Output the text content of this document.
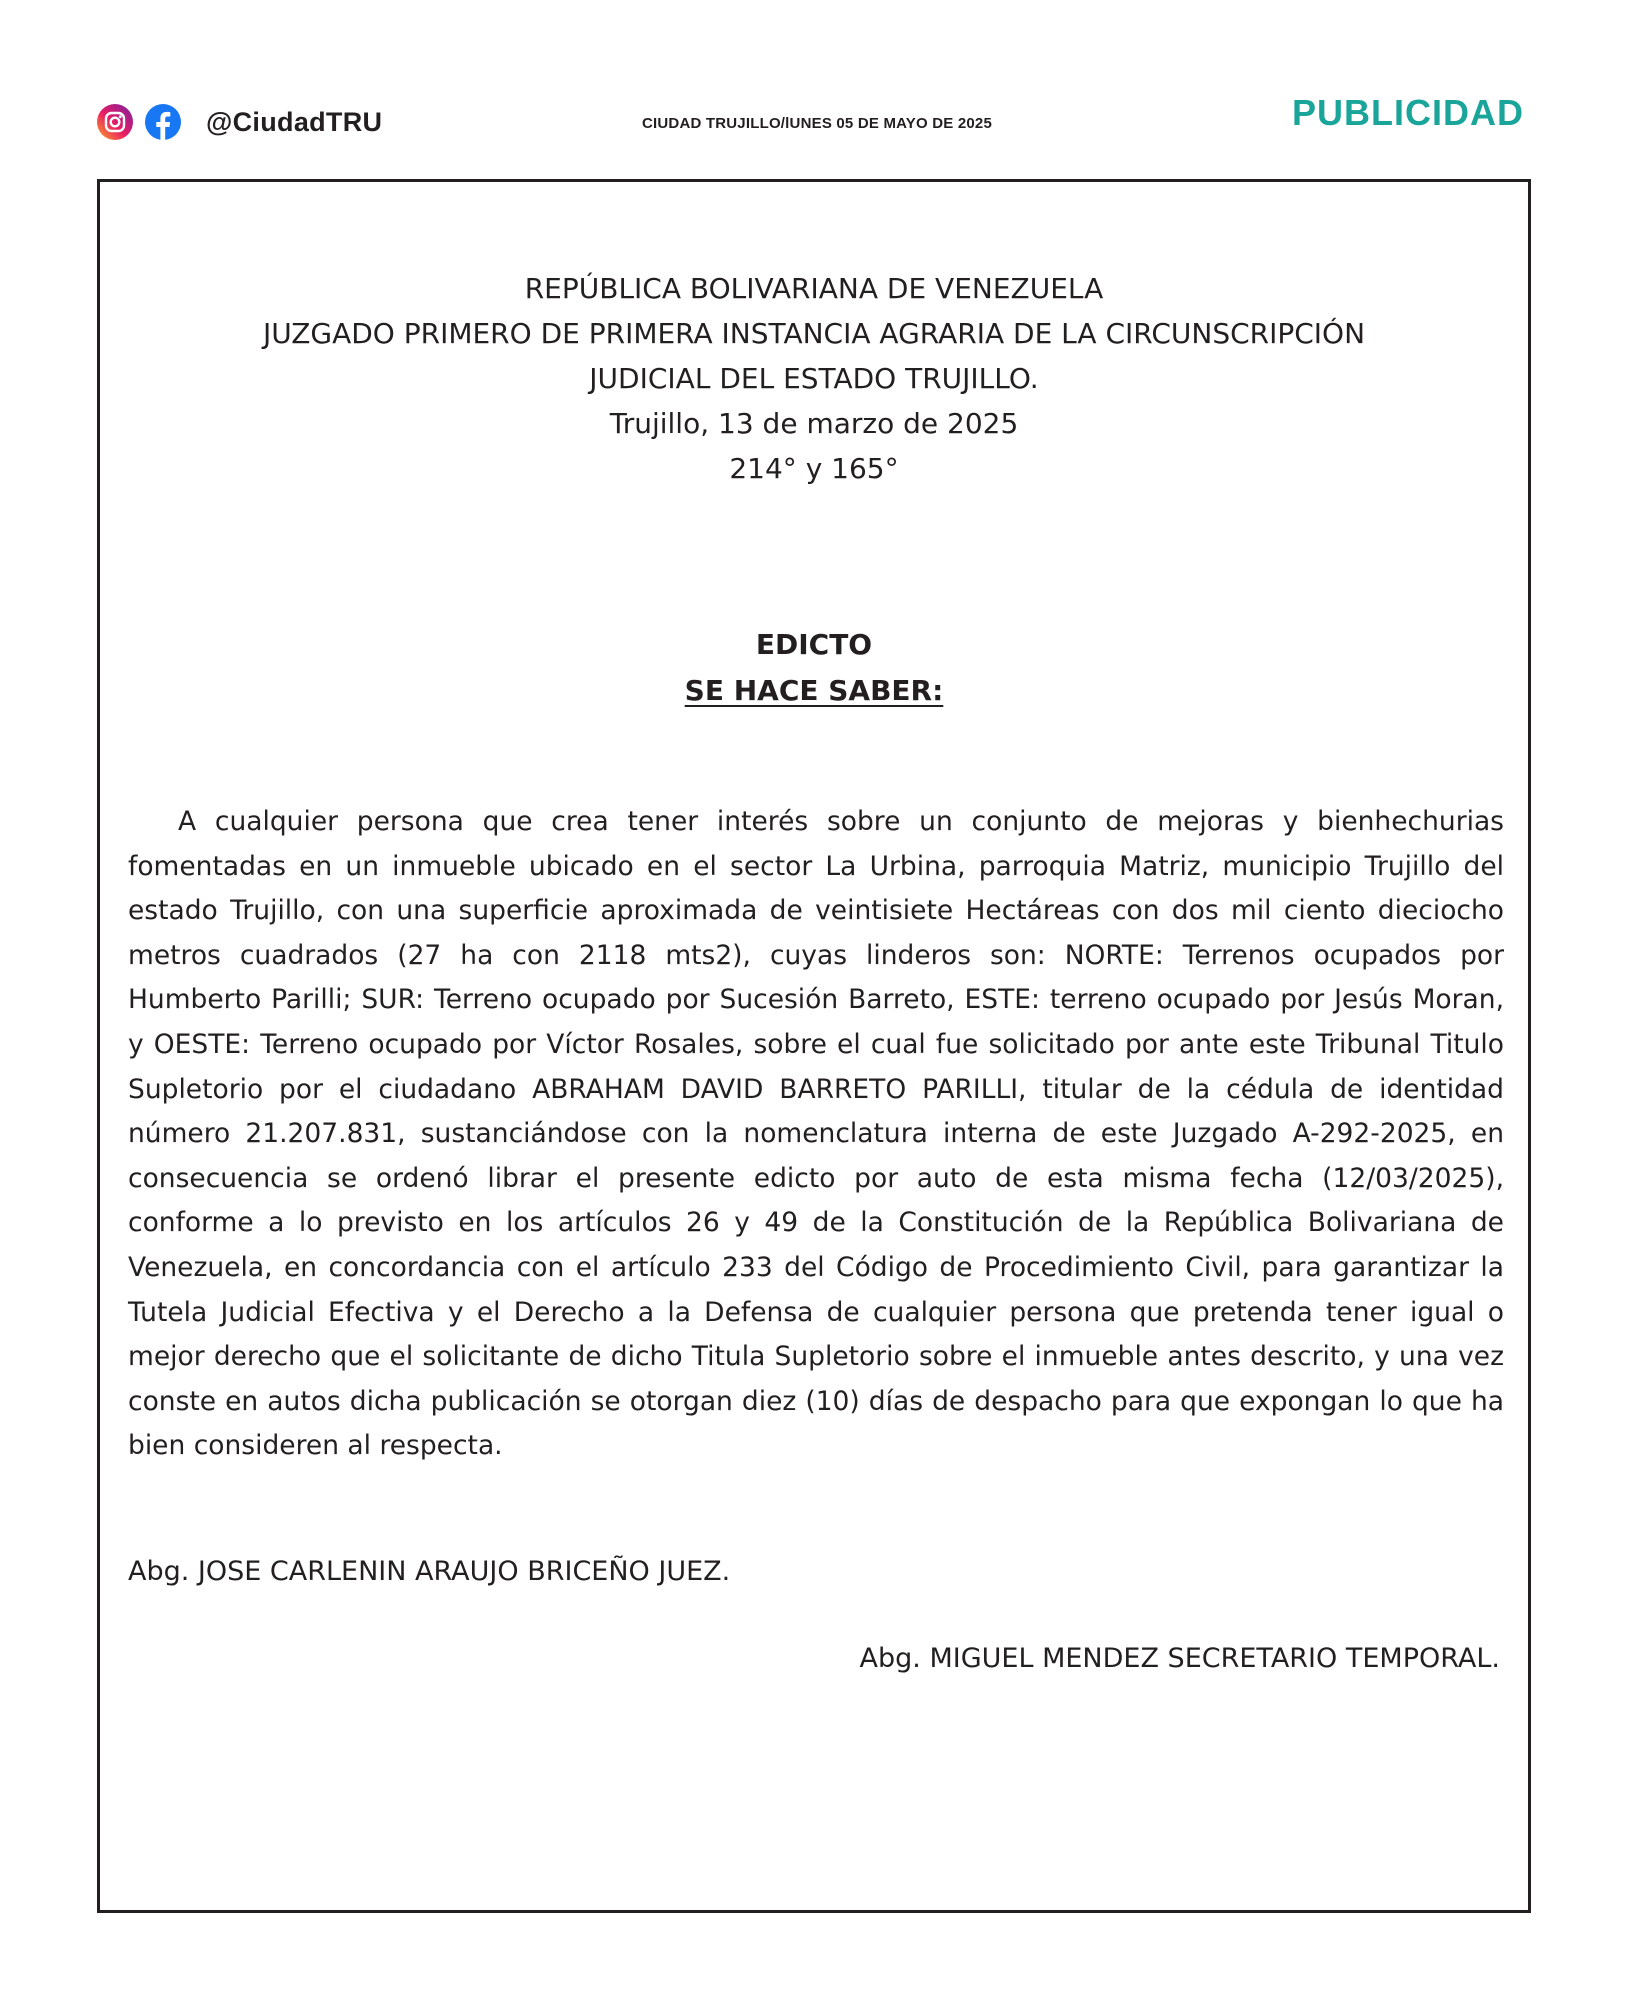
@CiudadTRU	CIUDAD TRUJILLO/lUNES 05 DE MAYO DE 2025	PUBLICIDAD
REPÚBLICA BOLIVARIANA DE VENEZUELA
JUZGADO PRIMERO DE PRIMERA INSTANCIA AGRARIA DE LA CIRCUNSCRIPCIÓN
JUDICIAL DEL ESTADO TRUJILLO.
Trujillo, 13 de marzo de 2025
214° y 165°
EDICTO
SE HACE SABER:

A cualquier persona que crea tener interés sobre un conjunto de mejoras y bienhechurias fomentadas en un inmueble ubicado en el sector La Urbina, parroquia Matriz, municipio Trujillo del estado Trujillo, con una superficie aproximada de veintisiete Hectáreas con dos mil ciento dieciocho metros cuadrados (27 ha con 2118 mts2), cuyas linderos son: NORTE: Terrenos ocupados por Humberto Parilli; SUR: Terreno ocupado por Sucesión Barreto, ESTE: terreno ocupado por Jesús Moran, y OESTE: Terreno ocupado por Víctor Rosales, sobre el cual fue solicitado por ante este Tribunal Titulo Supletorio por el ciudadano ABRAHAM DAVID BARRETO PARILLI, titular de la cédula de identidad número 21.207.831, sustanciándose con la nomenclatura interna de este Juzgado A-292-2025, en consecuencia se ordenó librar el presente edicto por auto de esta misma fecha (12/03/2025), conforme a lo previsto en los artículos 26 y 49 de la Constitución de la República Bolivariana de Venezuela, en concordancia con el artículo 233 del Código de Procedimiento Civil, para garantizar la Tutela Judicial Efectiva y el Derecho a la Defensa de cualquier persona que pretenda tener igual o mejor derecho que el solicitante de dicho Titula Supletorio sobre el inmueble antes descrito, y una vez conste en autos dicha publicación se otorgan diez (10) días de despacho para que expongan lo que ha bien consideren al respecta.

Abg. JOSE CARLENIN ARAUJO BRICEÑO JUEZ.
Abg. MIGUEL MENDEZ SECRETARIO TEMPORAL.
